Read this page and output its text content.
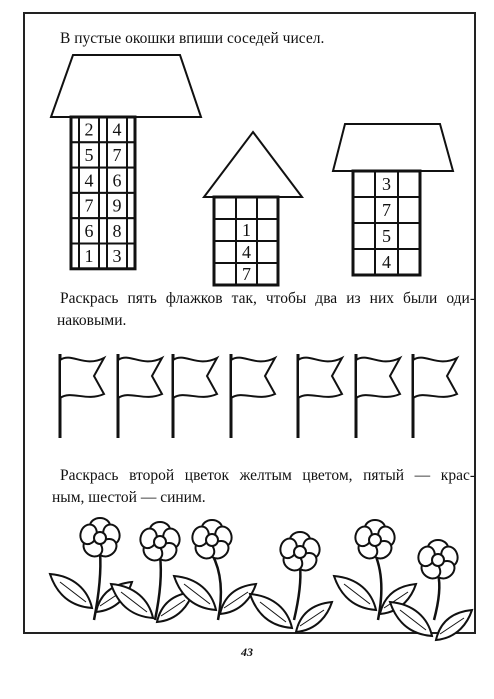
В пустые окошки впиши соседей чисел.

Раскрась пять флажков так, чтобы два из них были оди-
наковыми.

Раскрась второй цветок желтым цветом, пятый — крас-
ным, шестой — синим.

2 4
5 7
4 6
7 9
6 8
1 3
1
4
7
3
7
5
4
43
